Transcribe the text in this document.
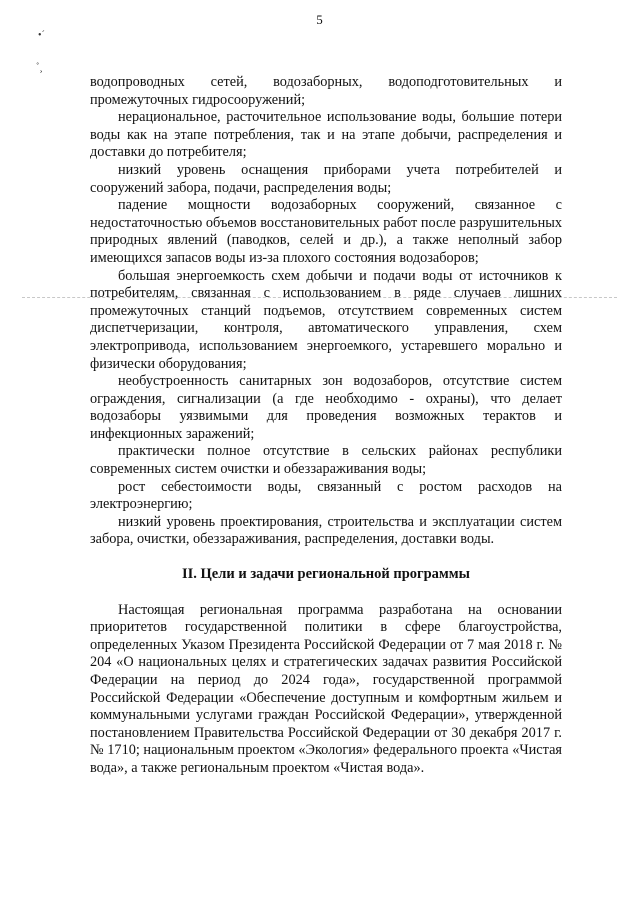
5
•´
˚¸

водопроводных сетей, водозаборных, водоподготовительных и промежуточных гидросооружений;

нерациональное, расточительное использование воды, большие потери воды как на этапе потребления, так и на этапе добычи, распределения и доставки до потребителя;

низкий уровень оснащения приборами учета потребителей и сооружений забора, подачи, распределения воды;

падение мощности водозаборных сооружений, связанное с недостаточностью объемов восстановительных работ после разрушительных природных явлений (паводков, селей и др.), а также неполный забор имеющихся запасов воды из-за плохого состояния водозаборов;

большая энергоемкость схем добычи и подачи воды от источников к потребителям, связанная с использованием в ряде случаев лишних промежуточных станций подъемов, отсутствием современных систем диспетчеризации, контроля, автоматического управления, схем электропривода, использованием энергоемкого, устаревшего морально и физически оборудования;

необустроенность санитарных зон водозаборов, отсутствие систем ограждения, сигнализации (а где необходимо - охраны), что делает водозаборы уязвимыми для проведения возможных терактов и инфекционных заражений;

практически полное отсутствие в сельских районах республики современных систем очистки и обеззараживания воды;

рост себестоимости воды, связанный с ростом расходов на электроэнергию;

низкий уровень проектирования, строительства и эксплуатации систем забора, очистки, обеззараживания, распределения, доставки воды.

II. Цели и задачи региональной программы

Настоящая региональная программа разработана на основании приоритетов государственной политики в сфере благоустройства, определенных Указом Президента Российской Федерации от 7 мая 2018 г. № 204 «О национальных целях и стратегических задачах развития Российской Федерации на период до 2024 года», государственной программой Российской Федерации «Обеспечение доступным и комфортным жильем и коммунальными услугами граждан Российской Федерации», утвержденной постановлением Правительства Российской Федерации от 30 декабря 2017 г. № 1710; национальным проектом «Экология» федерального проекта «Чистая вода», а также региональным проектом «Чистая вода».
